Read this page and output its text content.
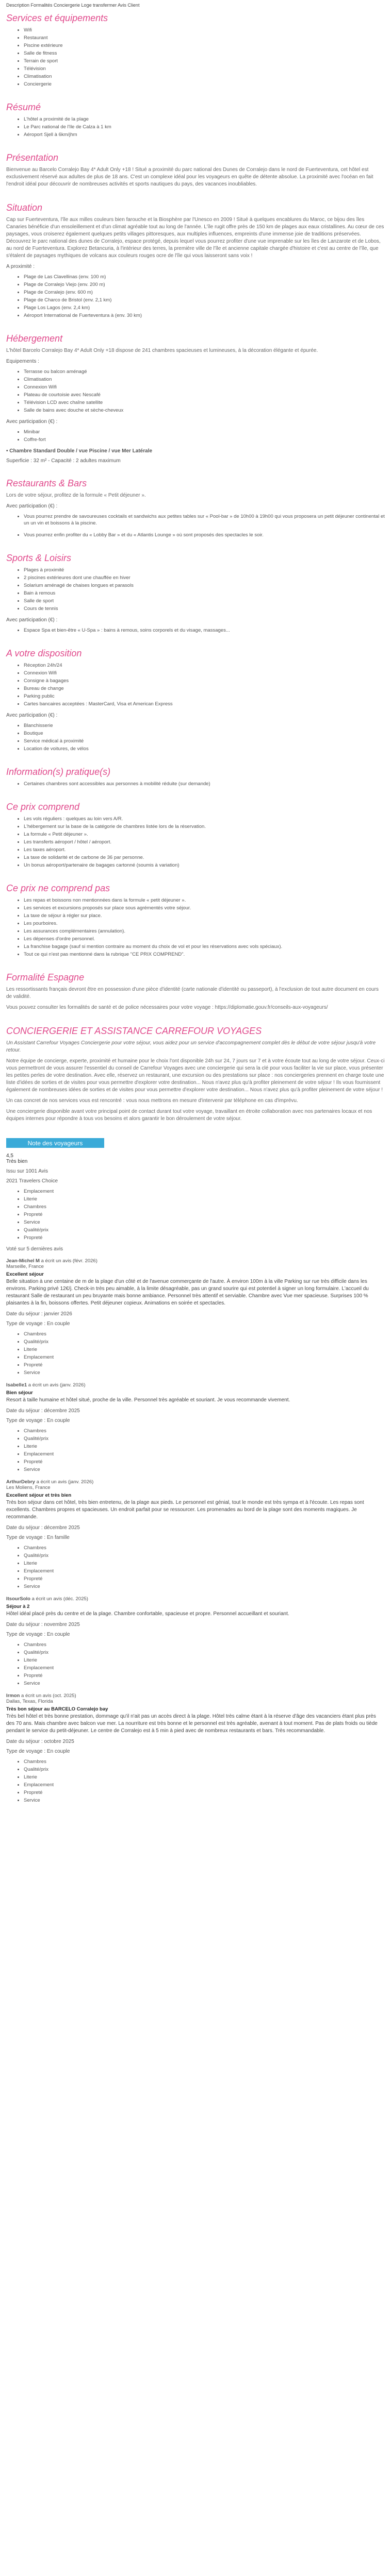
Description Formalités Conciergerie Loge transfermer Avis Client
Services et équipements
• Wifi
• Restaurant
• Piscine extérieure
• Salle de fitness
• Terrain de sport
• Télévision
• Climatisation
• Conciergerie
Résumé
• L'hôtel a proximité de la plage
• Le Parc national de l'Ile de Calza à 1 km
• Aéroport Sjell à 6km/jhm
Présentation

Bienvenue au Barcelo Corralejo Bay 4* Adult Only +18 ! Situé a proximité du parc national des Dunes de Corralejo dans le nord de Fuerteventura, cet hôtel est exclusivement réservé aux adultes de plus de 18 ans. C'est un complexe idéal pour les voyageurs en quête de détente absolue. La proximité avec l'océan en fait l'endroit idéal pour découvrir de nombreuses activités et sports nautiques du pays, des vacances inoubliables.

Situation

Cap sur Fuerteventura, l'île aux milles couleurs bien farouche et la Biosphère par l'Unesco en 2009 ! Situé à quelques encablures du Maroc, ce bijou des îles Canaries bénéficie d'un ensoleillement et d'un climat agréable tout au long de l'année. L'île rugit offre près de 150 km de plages aux eaux cristallines. Au cœur de ces paysages, vous croiserez également quelques petits villages pittoresques, aux multiples influences, empreints d'une immense joie de traditions préservées. Découvrez le parc national des dunes de Corralejo, espace protégé, depuis lequel vous pourrez profiter d'une vue imprenable sur les îles de Lanzarote et de Lobos, au nord de Fuerteventura. Explorez Betancuria, à l'intérieur des terres, la première ville de l'île et ancienne capitale chargée d'histoire et c'est au centre de l'île, que s'étalent de paysages mythiques de volcans aux couleurs rouges ocre de l'île qui vous laisseront sans voix !

A proximité :
• Plage de Las Clavellinas (env. 100 m)
• Plage de Corralejo Viejo (env. 200 m)
• Plage de Corralejo (env. 600 m)
• Plage de Charco de Bristol (env. 2,1 km)
• Plage Los Lagos (env. 2,4 km)
• Aéroport International de Fuerteventura à (env. 30 km)
Hébergement

L'hôtel Barcelo Corralejo Bay 4* Adult Only +18 dispose de 241 chambres spacieuses et lumineuses, à la décoration élégante et épurée.

Equipements :
• Terrasse ou balcon aménagé
• Climatisation
• Connexion Wifi
• Plateau de courtoisie avec Nescafé
• Télévision LCD avec chaîne satellite
• Salle de bains avec douche et sèche-cheveux
Avec participation (€) :
• Minibar
• Coffre-fort
• Chambre Standard Double / vue Piscine / vue Mer Latérale
Superficie : 32 m² - Capacité : 2 adultes maximum
Restaurants & Bars

Lors de votre séjour, profitez de la formule « Petit déjeuner ».

Avec participation (€) :
• Vous pourrez prendre de savoureuses cocktails et sandwichs aux petites tables sur « Pool-bar » de 10h00 à 19h00 qui vous proposera un petit déjeuner continental et un un vin et boissons à la piscine.
• Vous pourrez enfin profiter du « Lobby Bar » et du « Atlantis Lounge » où sont proposés des spectacles le soir.
Sports & Loisirs
• Plages à proximité
• 2 piscines extérieures dont une chauffée en hiver
• Solarium aménagé de chaises longues et parasols
• Bain à remous
• Salle de sport
• Cours de tennis
Avec participation (€) :
• Espace Spa et bien-être « U-Spa » : bains à remous, soins corporels et du visage, massages...
A votre disposition
• Réception 24h/24
• Connexion Wifi
• Consigne à bagages
• Bureau de change
• Parking public
• Cartes bancaires acceptées : MasterCard, Visa et American Express
Avec participation (€) :
• Blanchisserie
• Boutique
• Service médical à proximité
• Location de voitures, de vélos
Information(s) pratique(s)
• Certaines chambres sont accessibles aux personnes à mobilité réduite (sur demande)
Ce prix comprend
• Les vols réguliers : quelques au loin vers A/R.
• L'hébergement sur la base de la catégorie de chambres listée lors de la réservation.
• La formule « Petit déjeuner ».
• Les transferts aéroport / hôtel / aéroport.
• Les taxes aéroport.
• La taxe de solidarité et de carbone de 36 par personne.
• Un bonus aéroport/partenaire de bagages cartonné (soumis à variation)
Ce prix ne comprend pas
• Les repas et boissons non mentionnées dans la formule « petit déjeuner ».
• Les services et excursions proposés sur place sous agrémentés votre séjour.
• La taxe de séjour à régler sur place.
• Les pourboires.
• Les assurances complémentaires (annulation).
• Les dépenses d'ordre personnel.
• La franchise bagage (sauf si mention contraire au moment du choix de vol et pour les réservations avec vols spéciaux).
• Tout ce qui n'est pas mentionné dans la rubrique "CE PRIX COMPREND".
Formalité Espagne

Les ressortissants français devront être en possession d'une pièce d'identité (carte nationale d'identité ou passeport), à l'exclusion de tout autre document en cours de validité.

Vous pouvez consulter les formalités de santé et de police nécessaires pour votre voyage : https://diplomatie.gouv.fr/conseils-aux-voyageurs/

CONCIERGERIE ET ASSISTANCE CARREFOUR VOYAGES

Un Assistant Carrefour Voyages Conciergerie pour votre séjour, vous aidez pour un service d'accompagnement complet dès le début de votre séjour jusqu'à votre retour.

Notre équipe de concierge, experte, proximité et humaine pour le choix l'ont disponible 24h sur 24, 7 jours sur 7 et à votre écoute tout au long de votre séjour. Ceux-ci vous permettront de vous assurer l'essentiel du conseil de Carrefour Voyages avec une conciergerie qui sera la clé pour vous faciliter la vie sur place, vous présenter les petites perles de votre destination. Avec elle, réservez un restaurant, une excursion ou des prestations sur place : nos conciergeries prennent en charge toute une liste d'idées de sorties et de visites pour vous permettre d'explorer votre destination... Nous n'avez plus qu'à profiter pleinement de votre séjour ! Ils vous fournissent également de nombreuses idées de sorties et de visites pour vous permettre d'explorer votre destination... Nous n'avez plus qu'à profiter pleinement de votre séjour !

Un cas concret de nos services vous est rencontré : vous nous mettrons en mesure d'intervenir par téléphone en cas d'imprévu.

Une conciergerie disponible avant votre principal point de contact durant tout votre voyage, travaillant en étroite collaboration avec nos partenaires locaux et nos équipes internes pour répondre à tous vos besoins et alors garantir le bon déroulement de votre séjour.

Note des voyageurs
4,5
Très bien
Issu sur 1001 Avis
2021 Travelers Choice
• Emplacement
• Literie
• Chambres
• Propreté
• Service
• Qualité/prix
• Propreté
Voté sur 5 dernières avis
Jean-Michel M a écrit un avis (févr. 2026)
Marseille, France
Excellent séjour

Belle situation à une centaine de m de la plage d'un côté et de l'avenue commerçante de l'autre. À environ 100m à la ville Parking sur rue très difficile dans les environs. Parking privé 12€/j. Check-in très peu aimable, à la limite désagréable, pas un grand sourire qui est potentiel à signer un long formulaire. L'accueil du restaurant Salle de restaurant un peu bruyante mais bonne ambiance. Personnel très attentif et serviable. Chambre avec Vue mer spacieuse. Surprises 100 % plaisantes à la fin, boissons offertes. Petit déjeuner copieux. Animations en soirée et spectacles.

Date du séjour : janvier 2026
Type de voyage : En couple
• Chambres
• Qualité/prix
• Literie
• Emplacement
• Propreté
• Service
Isabelle1 a écrit un avis (janv. 2026)
Bien séjour

Resort à taille humaine et hôtel situé, proche de la ville. Personnel très agréable et souriant. Je vous recommande vivement.

Date du séjour : décembre 2025
Type de voyage : En couple
• Chambres
• Qualité/prix
• Literie
• Emplacement
• Propreté
• Service
ArthurDebry a écrit un avis (janv. 2026)
Les Moliens, France
Excellent séjour et très bien

Très bon séjour dans cet hôtel, très bien entretenu, de la plage aux pieds. Le personnel est génial, tout le monde est très sympa et à l'écoute. Les repas sont excellents. Chambres propres et spacieuses. Un endroit parfait pour se ressourcer. Les promenades au bord de la plage sont des moments magiques. Je recommande.

Date du séjour : décembre 2025
Type de voyage : En famille
• Chambres
• Qualité/prix
• Literie
• Emplacement
• Propreté
• Service
ItsourSolo a écrit un avis (déc. 2025)
Séjour à 2

Hôtel idéal placé près du centre et de la plage. Chambre confortable, spacieuse et propre. Personnel accueillant et souriant.

Date du séjour : novembre 2025
Type de voyage : En couple
• Chambres
• Qualité/prix
• Literie
• Emplacement
• Propreté
• Service
Irmon a écrit un avis (oct. 2025)
Dallas, Texas, Florida
Très bon séjour au BARCELO Corralejo bay

Très bel hôtel et très bonne prestation, dommage qu'il n'ait pas un accès direct à la plage. Hôtel très calme étant à la réserve d'âge des vacanciers étant plus près des 70 ans. Mais chambre avec balcon vue mer. La nourriture est très bonne et le personnel est très agréable, avenant à tout moment. Pas de plats froids ou tiède pendant le service du petit-déjeuner. Le centre de Corralejo est à 5 min à pied avec de nombreux restaurants et bars. Très recommandable.

Date du séjour : octobre 2025
Type de voyage : En couple
• Chambres
• Qualité/prix
• Literie
• Emplacement
• Propreté
• Service
